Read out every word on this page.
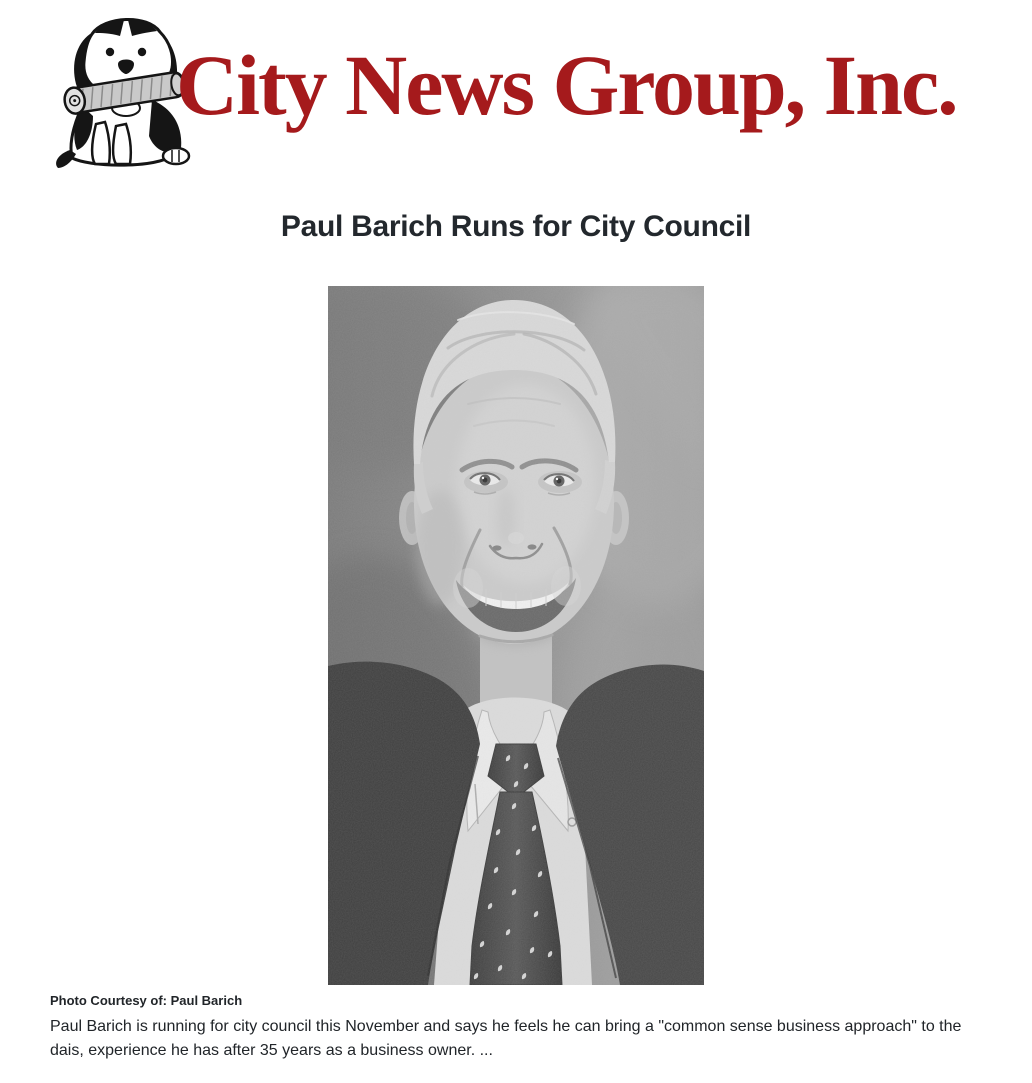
City News Group, Inc.
Paul Barich Runs for City Council
Photo Courtesy of: Paul Barich

Paul Barich is running for city council this November and says he feels he can bring a "common sense business approach" to the
dais, experience he has after 35 years as a business owner. ...
